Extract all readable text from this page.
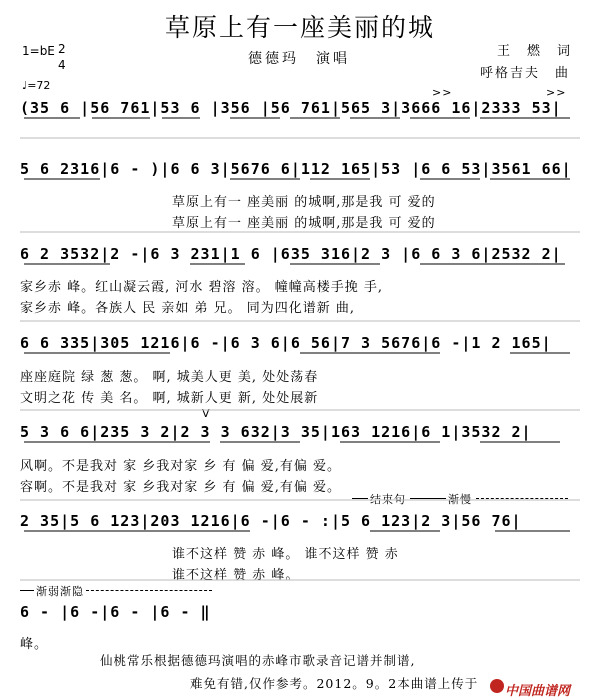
草原上有一座美丽的城
德德玛　演唱	王　燃　词
呼格吉夫　曲
1=bE 2
4
♩=72
>>	>>
(35 6 |56 761|53 6 |356 |56 761|565 3|3666 16|2333 53|
5 6 2316|6 - )|6 6 3|5676 6|112 165|53 |6 6 53|3561 66|
草原上有一 座美丽 的城啊,那是我 可 爱的
草原上有一 座美丽 的城啊,那是我 可 爱的
6 2 3532|2 -|6 3 231|1 6 |635 316|2 3 |6 6 3 6|2532 2|
家乡赤 峰。红山凝云霞, 河水 碧溶 溶。 幢幢高楼手挽 手,
家乡赤 峰。各族人 民 亲如 弟 兄。 同为四化谱新 曲,
6 6 335|305 1216|6 -|6 3 6|6 56|7 3 5676|6 -|1 2 165|
座座庭院 绿 葱 葱。 啊, 城美人更 美, 处处荡春
文明之花 传 美 名。 啊, 城新人更 新, 处处展新
V
5 3 6 6|235 3 2|2 3 3 632|3 35|163 1216|6 1|3532 2|
风啊。不是我对 家 乡我对家 乡 有 偏 爱,有偏 爱。
容啊。不是我对 家 乡我对家 乡 有 偏 爱,有偏 爱。
结束句	渐慢
2 35|5 6 123|203 1216|6 -|6 - :|5 6 123|2 3|56 76|
谁不这样 赞 赤 峰。 谁不这样 赞 赤
谁不这样 赞 赤 峰。
渐弱渐隐
6 - |6 -|6 - |6 - ‖
峰。
仙桃常乐根据德德玛演唱的赤峰市歌录音记谱并制谱,
难免有错,仅作参考。2012。9。2本曲谱上传于
中国曲谱网
